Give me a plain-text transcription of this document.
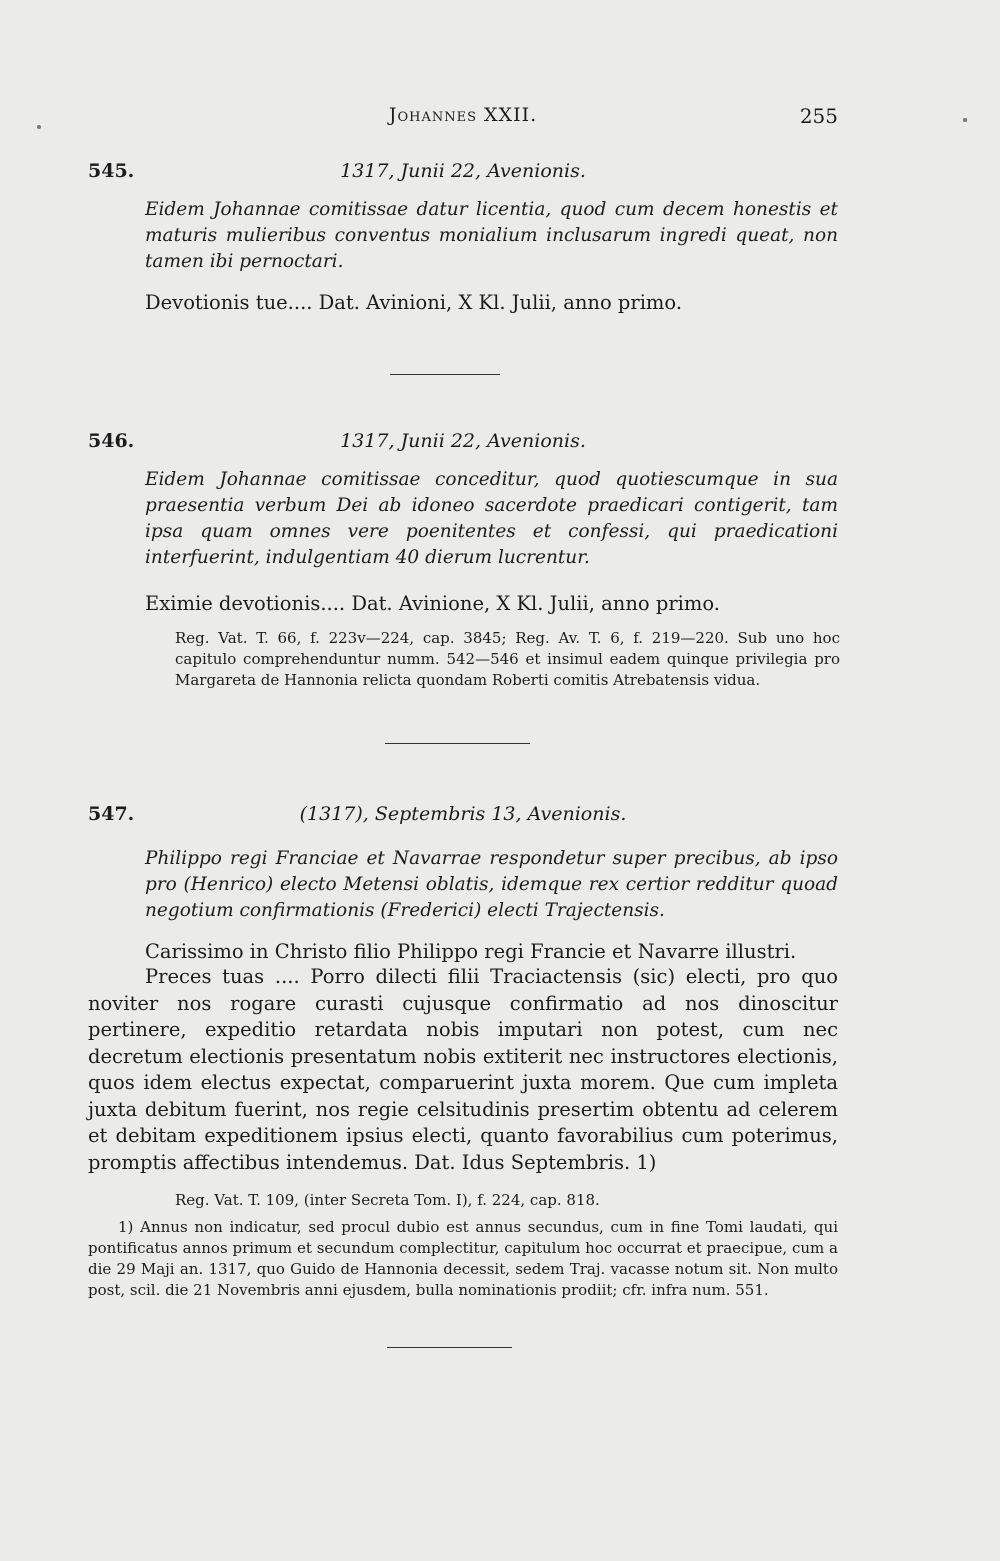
Johannes XXII.	255
545.	1317, Junii 22, Avenionis.
Eidem Johannae comitissae datur licentia, quod cum decem honestis et maturis mulieribus conventus monialium inclusarum ingredi queat, non tamen ibi pernoctari.
Devotionis tue.... Dat. Avinioni, X Kl. Julii, anno primo.
546.	1317, Junii 22, Avenionis.
Eidem Johannae comitissae conceditur, quod quotiescumque in sua praesentia verbum Dei ab idoneo sacerdote praedicari contigerit, tam ipsa quam omnes vere poenitentes et confessi, qui praedicationi interfuerint, indulgentiam 40 dierum lucrentur.
Eximie devotionis.... Dat. Avinione, X Kl. Julii, anno primo.
Reg. Vat. T. 66, f. 223v—224, cap. 3845; Reg. Av. T. 6, f. 219—220. Sub uno hoc capitulo comprehenduntur numm. 542—546 et insimul eadem quinque privilegia pro Margareta de Hannonia relicta quondam Roberti comitis Atrebatensis vidua.
547.	(1317), Septembris 13, Avenionis.
Philippo regi Franciae et Navarrae respondetur super precibus, ab ipso pro (Henrico) electo Metensi oblatis, idemque rex certior redditur quoad negotium confirmationis (Frederici) electi Trajectensis.
Carissimo in Christo filio Philippo regi Francie et Navarre illustri.

Preces tuas .... Porro dilecti filii Traciactensis (sic) electi, pro quo noviter nos rogare curasti cujusque confirmatio ad nos dinoscitur pertinere, expeditio retardata nobis imputari non potest, cum nec decretum electionis presentatum nobis extiterit nec instructores electionis, quos idem electus expectat, comparuerint juxta morem. Que cum impleta juxta debitum fuerint, nos regie celsitudinis presertim obtentu ad celerem et debitam expeditionem ipsius electi, quanto favorabilius cum poterimus, promptis affectibus intendemus. Dat. Idus Septembris. 1)

Reg. Vat. T. 109, (inter Secreta Tom. I), f. 224, cap. 818.

1) Annus non indicatur, sed procul dubio est annus secundus, cum in fine Tomi laudati, qui pontificatus annos primum et secundum complectitur, capitulum hoc occurrat et praecipue, cum a die 29 Maji an. 1317, quo Guido de Hannonia decessit, sedem Traj. vacasse notum sit. Non multo post, scil. die 21 Novembris anni ejusdem, bulla nominationis prodiit; cfr. infra num. 551.
